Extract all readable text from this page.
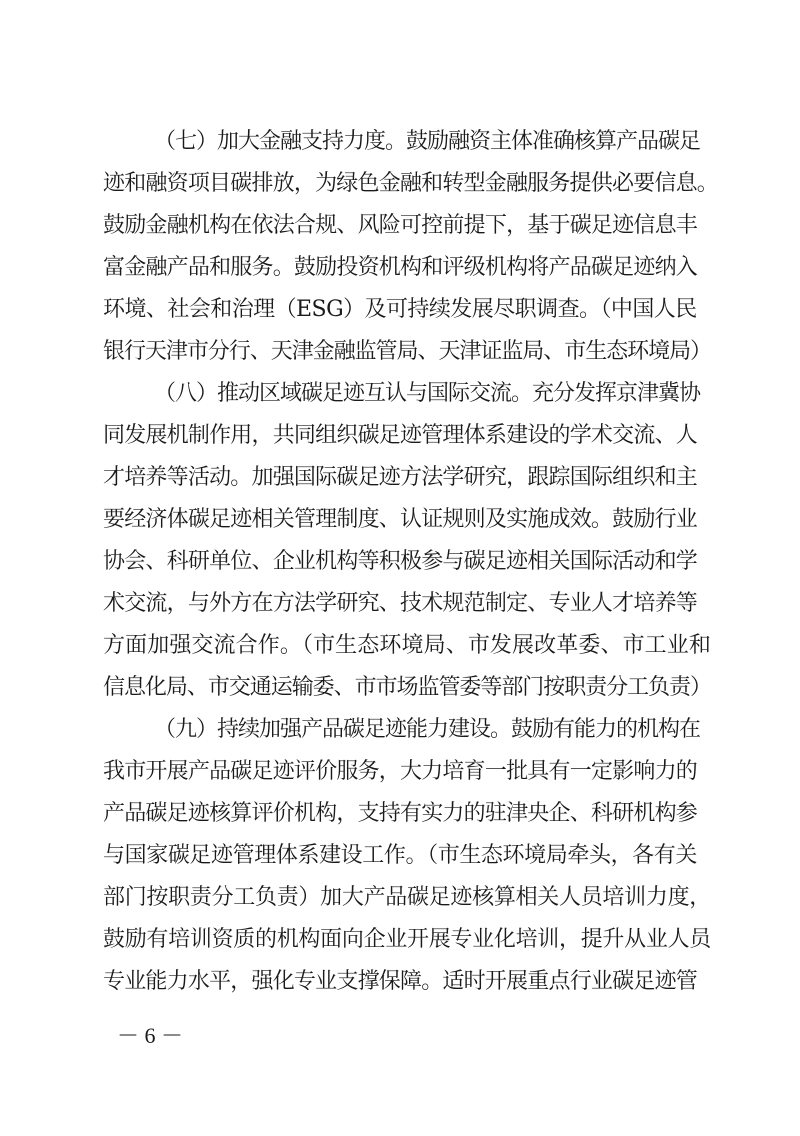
（七）加大金融支持力度。鼓励融资主体准确核算产品碳足
迹和融资项目碳排放，为绿色金融和转型金融服务提供必要信息。
鼓励金融机构在依法合规、风险可控前提下，基于碳足迹信息丰
富金融产品和服务。鼓励投资机构和评级机构将产品碳足迹纳入
环境、社会和治理（ESG）及可持续发展尽职调查。（中国人民
银行天津市分行、天津金融监管局、天津证监局、市生态环境局）
（八）推动区域碳足迹互认与国际交流。充分发挥京津冀协
同发展机制作用，共同组织碳足迹管理体系建设的学术交流、人
才培养等活动。加强国际碳足迹方法学研究，跟踪国际组织和主
要经济体碳足迹相关管理制度、认证规则及实施成效。鼓励行业
协会、科研单位、企业机构等积极参与碳足迹相关国际活动和学
术交流，与外方在方法学研究、技术规范制定、专业人才培养等
方面加强交流合作。（市生态环境局、市发展改革委、市工业和
信息化局、市交通运输委、市市场监管委等部门按职责分工负责）
（九）持续加强产品碳足迹能力建设。鼓励有能力的机构在
我市开展产品碳足迹评价服务，大力培育一批具有一定影响力的
产品碳足迹核算评价机构，支持有实力的驻津央企、科研机构参
与国家碳足迹管理体系建设工作。（市生态环境局牵头，各有关
部门按职责分工负责）加大产品碳足迹核算相关人员培训力度，
鼓励有培训资质的机构面向企业开展专业化培训，提升从业人员
专业能力水平，强化专业支撑保障。适时开展重点行业碳足迹管
－ 6 －
